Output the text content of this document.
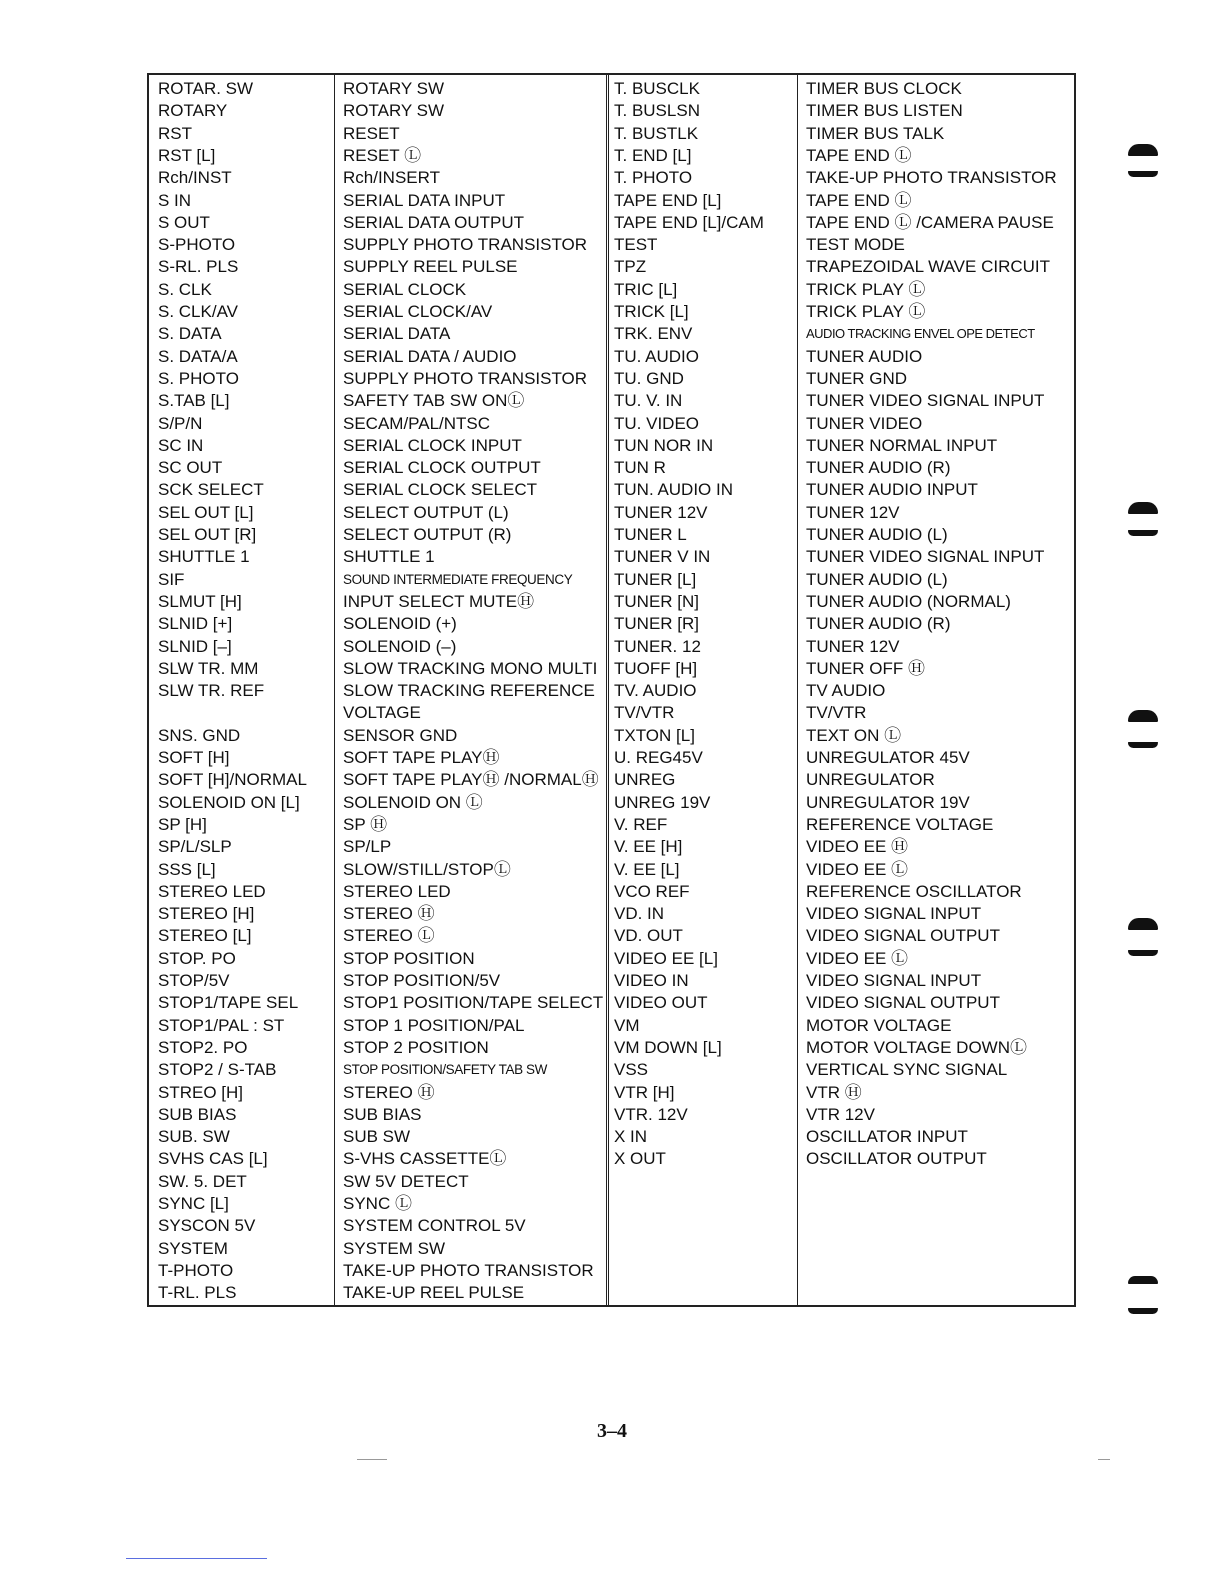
ROTAR. SW
ROTARY
RST
RST [L]
Rch/INST
S IN
S OUT
S-PHOTO
S-RL. PLS
S. CLK
S. CLK/AV
S. DATA
S. DATA/A
S. PHOTO
S.TAB [L]
S/P/N
SC IN
SC OUT
SCK SELECT
SEL OUT [L]
SEL OUT [R]
SHUTTLE 1
SIF
SLMUT [H]
SLNID [+]
SLNID [–]
SLW TR. MM
SLW TR. REF
SNS. GND
SOFT [H]
SOFT [H]/NORMAL
SOLENOID ON [L]
SP [H]
SP/L/SLP
SSS [L]
STEREO LED
STEREO [H]
STEREO [L]
STOP. PO
STOP/5V
STOP1/TAPE SEL
STOP1/PAL : ST
STOP2. PO
STOP2 / S-TAB
STREO [H]
SUB BIAS
SUB. SW
SVHS CAS [L]
SW. 5. DET
SYNC [L]
SYSCON 5V
SYSTEM
T-PHOTO
T-RL. PLS
ROTARY SW
ROTARY SW
RESET
RESET Ⓛ
Rch/INSERT
SERIAL DATA INPUT
SERIAL DATA OUTPUT
SUPPLY PHOTO TRANSISTOR
SUPPLY REEL PULSE
SERIAL CLOCK
SERIAL CLOCK/AV
SERIAL DATA
SERIAL DATA / AUDIO
SUPPLY PHOTO TRANSISTOR
SAFETY TAB SW ONⓁ
SECAM/PAL/NTSC
SERIAL CLOCK INPUT
SERIAL CLOCK OUTPUT
SERIAL CLOCK SELECT
SELECT OUTPUT (L)
SELECT OUTPUT (R)
SHUTTLE 1
SOUND INTERMEDIATE FREQUENCY
INPUT SELECT MUTEⒽ
SOLENOID (+)
SOLENOID (–)
SLOW TRACKING MONO MULTI
SLOW TRACKING REFERENCE
VOLTAGE
SENSOR GND
SOFT TAPE PLAYⒽ
SOFT TAPE PLAYⒽ /NORMALⒽ
SOLENOID ON Ⓛ
SP Ⓗ
SP/LP
SLOW/STILL/STOPⓁ
STEREO LED
STEREO Ⓗ
STEREO Ⓛ
STOP POSITION
STOP POSITION/5V
STOP1 POSITION/TAPE SELECT
STOP 1 POSITION/PAL
STOP 2 POSITION
STOP POSITION/SAFETY TAB SW
STEREO Ⓗ
SUB BIAS
SUB SW
S-VHS CASSETTEⓁ
SW 5V DETECT
SYNC Ⓛ
SYSTEM CONTROL 5V
SYSTEM SW
TAKE-UP PHOTO TRANSISTOR
TAKE-UP REEL PULSE
T. BUSCLK
T. BUSLSN
T. BUSTLK
T. END [L]
T. PHOTO
TAPE END [L]
TAPE END [L]/CAM
TEST
TPZ
TRIC [L]
TRICK [L]
TRK. ENV
TU. AUDIO
TU. GND
TU. V. IN
TU. VIDEO
TUN NOR IN
TUN R
TUN. AUDIO IN
TUNER 12V
TUNER L
TUNER V IN
TUNER [L]
TUNER [N]
TUNER [R]
TUNER. 12
TUOFF [H]
TV. AUDIO
TV/VTR
TXTON [L]
U. REG45V
UNREG
UNREG 19V
V. REF
V. EE [H]
V. EE [L]
VCO REF
VD. IN
VD. OUT
VIDEO EE [L]
VIDEO IN
VIDEO OUT
VM
VM DOWN [L]
VSS
VTR [H]
VTR. 12V
X IN
X OUT
TIMER BUS CLOCK
TIMER BUS LISTEN
TIMER BUS TALK
TAPE END Ⓛ
TAKE-UP PHOTO TRANSISTOR
TAPE END Ⓛ
TAPE END Ⓛ /CAMERA PAUSE
TEST MODE
TRAPEZOIDAL WAVE CIRCUIT
TRICK PLAY Ⓛ
TRICK PLAY Ⓛ
AUDIO TRACKING ENVEL OPE DETECT
TUNER AUDIO
TUNER GND
TUNER VIDEO SIGNAL INPUT
TUNER VIDEO
TUNER NORMAL INPUT
TUNER AUDIO (R)
TUNER AUDIO INPUT
TUNER 12V
TUNER AUDIO (L)
TUNER VIDEO SIGNAL INPUT
TUNER AUDIO (L)
TUNER AUDIO (NORMAL)
TUNER AUDIO (R)
TUNER 12V
TUNER OFF Ⓗ
TV AUDIO
TV/VTR
TEXT ON Ⓛ
UNREGULATOR 45V
UNREGULATOR
UNREGULATOR 19V
REFERENCE VOLTAGE
VIDEO EE Ⓗ
VIDEO EE Ⓛ
REFERENCE OSCILLATOR
VIDEO SIGNAL INPUT
VIDEO SIGNAL OUTPUT
VIDEO EE Ⓛ
VIDEO SIGNAL INPUT
VIDEO SIGNAL OUTPUT
MOTOR VOLTAGE
MOTOR VOLTAGE DOWNⓁ
VERTICAL SYNC SIGNAL
VTR Ⓗ
VTR 12V
OSCILLATOR INPUT
OSCILLATOR OUTPUT
3–4
